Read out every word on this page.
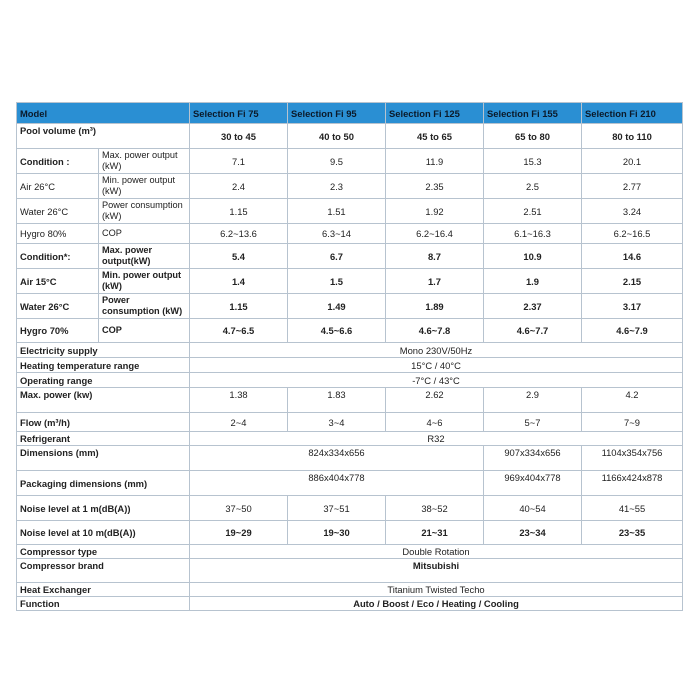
Model		Selection Fi 75	Selection Fi 95	Selection Fi 125	Selection Fi 155	Selection Fi 210
Pool volume (m³)		30 to 45	40 to 50	45 to 65	65 to 80	80 to 110
Condition :	Max. power output (kW)	7.1	9.5	11.9	15.3	20.1
Air 26°C	Min. power output (kW)	2.4	2.3	2.35	2.5	2.77
Water 26°C	Power consumption (kW)	1.15	1.51	1.92	2.51	3.24
Hygro 80%	COP	6.2~13.6	6.3~14	6.2~16.4	6.1~16.3	6.2~16.5
Condition*:	Max. power output(kW)	5.4	6.7	8.7	10.9	14.6
Air 15°C	Min. power output (kW)	1.4	1.5	1.7	1.9	2.15
Water 26°C	Power consumption (kW)	1.15	1.49	1.89	2.37	3.17
Hygro 70%	COP	4.7~6.5	4.5~6.6	4.6~7.8	4.6~7.7	4.6~7.9
Electricity supply		Mono 230V/50Hz				
Heating temperature range		15°C / 40°C				
Operating range		-7°C / 43°C				
Max. power (kw)		1.38	1.83	2.62	2.9	4.2
Flow (m³/h)		2~4	3~4	4~6	5~7	7~9
Refrigerant		R32				
Dimensions (mm)		824x334x656			907x334x656	1104x354x756
Packaging dimensions (mm)		886x404x778			969x404x778	1166x424x878
Noise level at 1 m(dB(A))		37~50	37~51	38~52	40~54	41~55
Noise level at 10 m(dB(A))		19~29	19~30	21~31	23~34	23~35
Compressor type		Double Rotation				
Compressor brand		Mitsubishi				
Heat Exchanger		Titanium Twisted Techo				
Function		Auto / Boost / Eco / Heating / Cooling				
